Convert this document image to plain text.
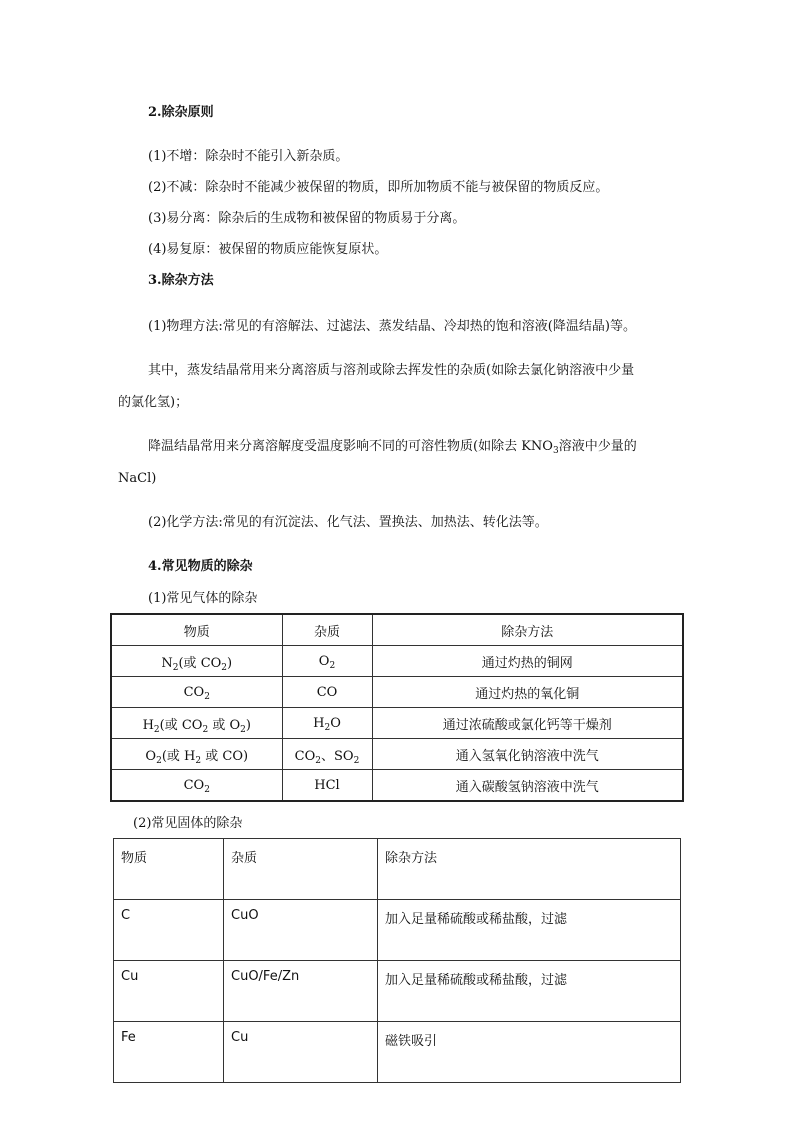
2.除杂原则
(1)不增：除杂时不能引入新杂质。
(2)不减：除杂时不能减少被保留的物质，即所加物质不能与被保留的物质反应。
(3)易分离：除杂后的生成物和被保留的物质易于分离。
(4)易复原：被保留的物质应能恢复原状。
3.除杂方法
(1)物理方法:常见的有溶解法、过滤法、蒸发结晶、冷却热的饱和溶液(降温结晶)等。
其中，蒸发结晶常用来分离溶质与溶剂或除去挥发性的杂质(如除去氯化钠溶液中少量
的氯化氢)；
降温结晶常用来分离溶解度受温度影响不同的可溶性物质(如除去 $KNO_3$溶液中少量的
NaCl)
(2)化学方法:常见的有沉淀法、化气法、置换法、加热法、转化法等。
4.常见物质的除杂
(1)常见气体的除杂
物质	杂质	除杂方法
$N_2$(或 $CO_2$)	$O_2$	通过灼热的铜网
$CO_2$	CO	通过灼热的氧化铜
$H_2$(或 $CO_2$ 或 $O_2$)	$H_2O$	通过浓硫酸或氯化钙等干燥剂
$O_2$(或 $H_2$ 或 CO)	$CO_2$、$SO_2$	通入氢氧化钠溶液中洗气
$CO_2$	HCl	通入碳酸氢钠溶液中洗气
(2)常见固体的除杂
物质	杂质	除杂方法
C	CuO	加入足量稀硫酸或稀盐酸，过滤
Cu	CuO/Fe/Zn	加入足量稀硫酸或稀盐酸，过滤
Fe	Cu	磁铁吸引
